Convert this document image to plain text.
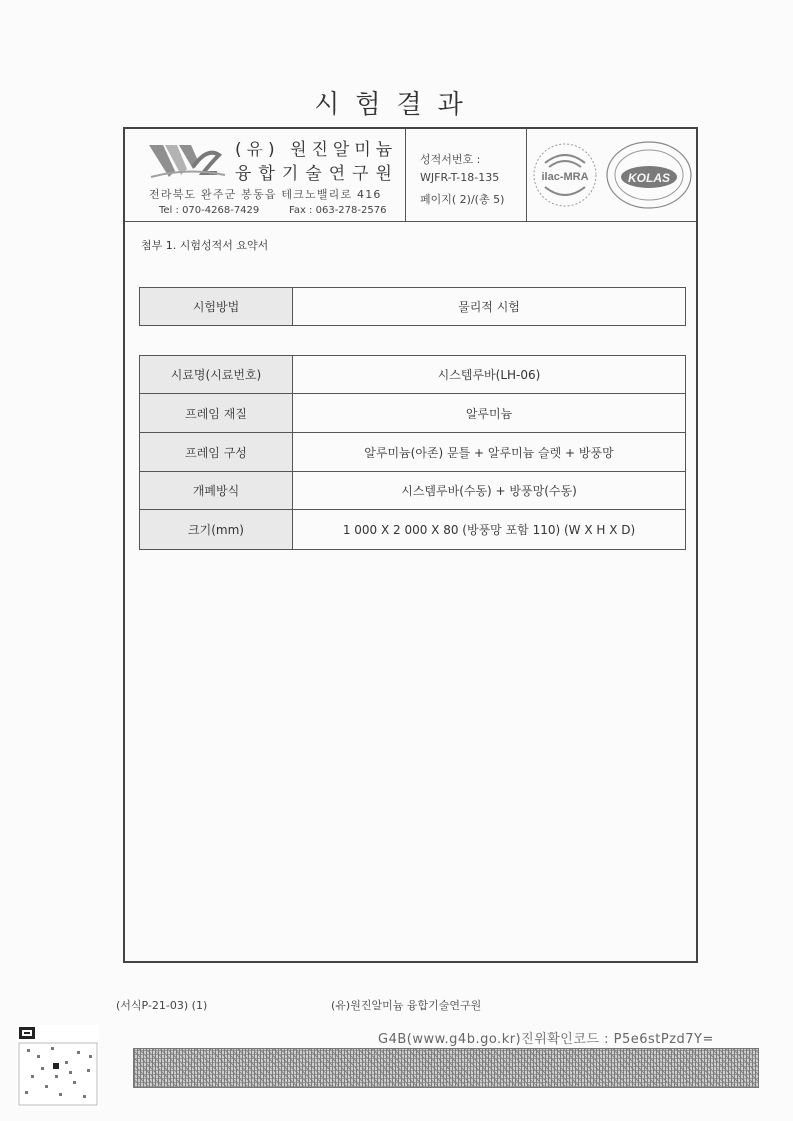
시험결과
(유) 원진알미늄
융합기술연구원
전라북도 완주군 봉동읍 테크노밸리로 416
Tel : 070-4268-7429	Fax : 063-278-2576
성적서번호 :
WJFR-T-18-135
페이지( 2)/(총 5)
ilac-MRA	KOLAS
첨부 1. 시험성적서 요약서
시험방법	물리적 시험
시료명(시료번호)	시스템루바(LH-06)
프레임 재질	알루미늄
프레임 구성	알루미늄(아존) 문틀 + 알루미늄 슬렛 + 방풍망
개폐방식	시스템루바(수동) + 방풍망(수동)
크기(mm)	1 000 X 2 000 X 80 (방풍망 포함 110) (W X H X D)
(서식P-21-03) (1)	(유)원진알미늄 융합기술연구원
G4B(www.g4b.go.kr)진위확인코드 : P5e6stPzd7Y=
